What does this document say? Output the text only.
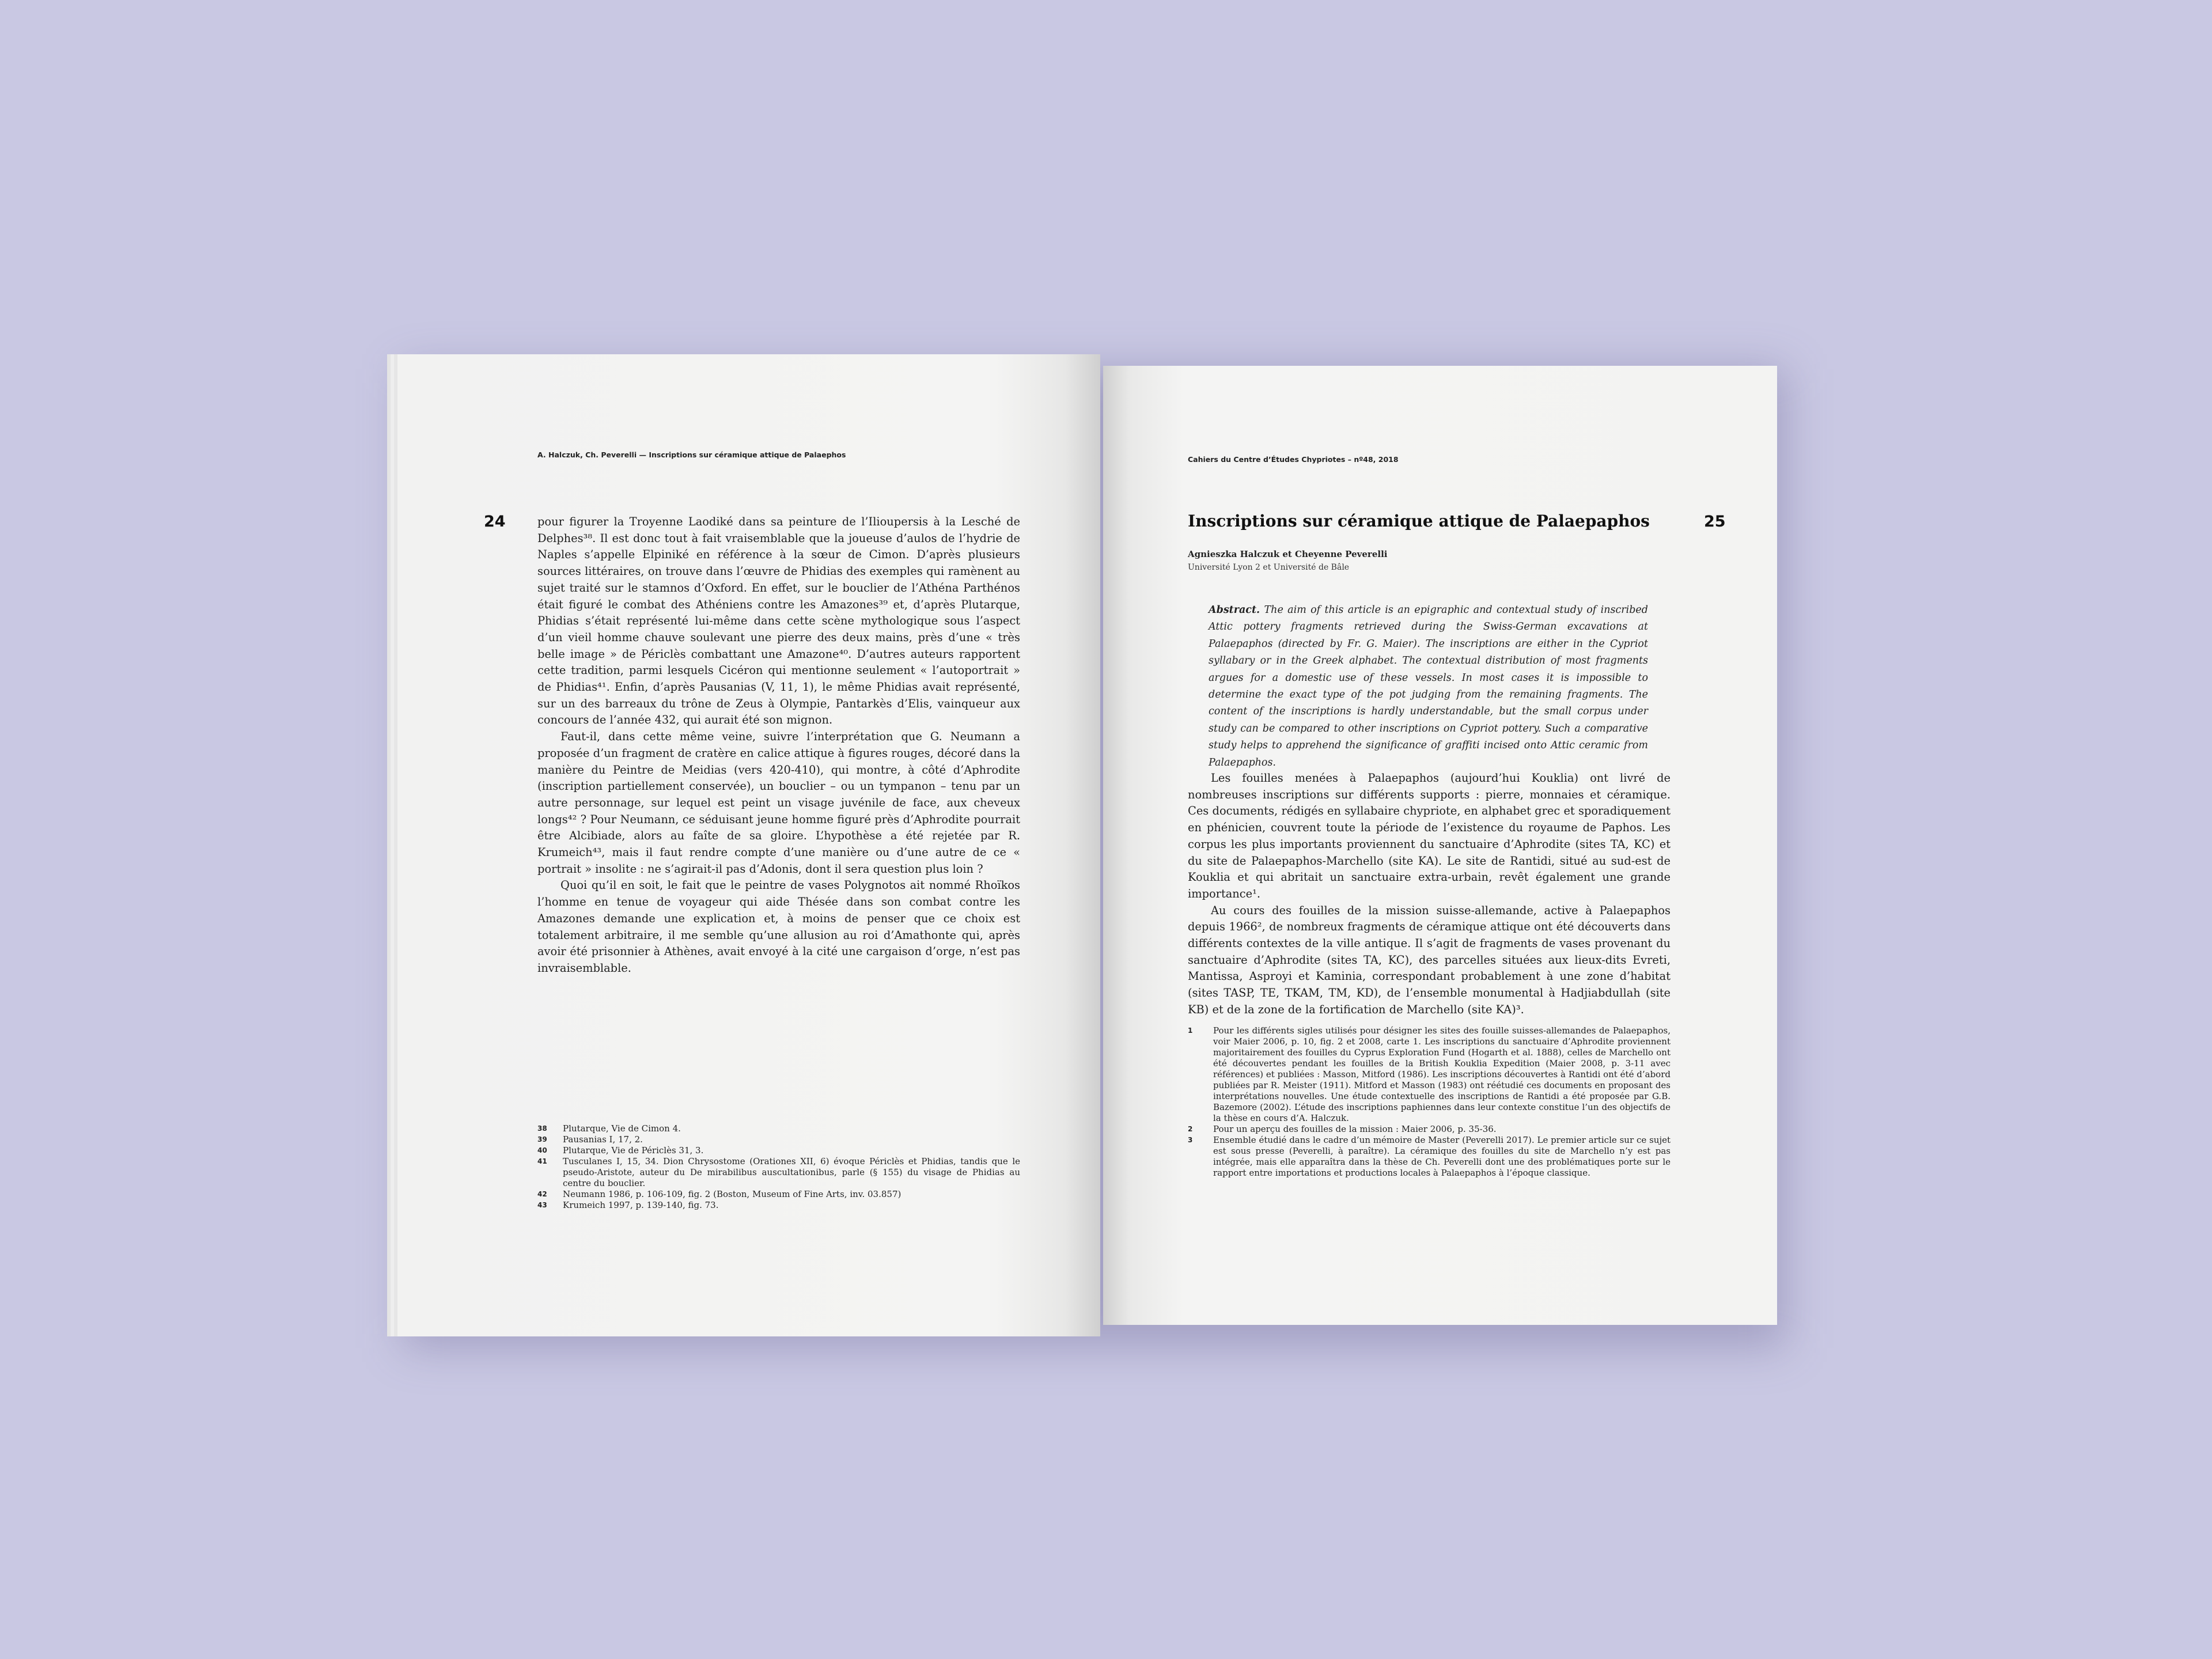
A. Halczuk, Ch. Peverelli — Inscriptions sur céramique attique de Palaephos
24	pour figurer la Troyenne Laodiké dans sa peinture de l’Ilioupersis à la Lesché de Delphes³⁸. Il est donc tout à fait vraisemblable que la joueuse d’aulos de l’hydrie de Naples s’appelle Elpiniké en référence à la sœur de Cimon. D’après plusieurs sources littéraires, on trouve dans l’œuvre de Phidias des exemples qui ramènent au sujet traité sur le stamnos d’Oxford. En effet, sur le bouclier de l’Athéna Parthénos était figuré le combat des Athéniens contre les Amazones³⁹ et, d’après Plutarque, Phidias s’était représenté lui-même dans cette scène mythologique sous l’aspect d’un vieil homme chauve soulevant une pierre des deux mains, près d’une « très belle image » de Périclès combattant une Amazone⁴⁰. D’autres auteurs rapportent cette tradition, parmi lesquels Cicéron qui mentionne seulement « l’autoportrait » de Phidias⁴¹. Enfin, d’après Pausanias (V, 11, 1), le même Phidias avait représenté, sur un des barreaux du trône de Zeus à Olympie, Pantarkès d’Elis, vainqueur aux concours de l’année 432, qui aurait été son mignon.

Faut-il, dans cette même veine, suivre l’interprétation que G. Neumann a proposée d’un fragment de cratère en calice attique à figures rouges, décoré dans la manière du Peintre de Meidias (vers 420-410), qui montre, à côté d’Aphrodite (inscription partiellement conservée), un bouclier – ou un tympanon – tenu par un autre personnage, sur lequel est peint un visage juvénile de face, aux cheveux longs⁴² ? Pour Neumann, ce séduisant jeune homme figuré près d’Aphrodite pourrait être Alcibiade, alors au faîte de sa gloire. L’hypothèse a été rejetée par R. Krumeich⁴³, mais il faut rendre compte d’une manière ou d’une autre de ce « portrait » insolite : ne s’agirait-il pas d’Adonis, dont il sera question plus loin ?

Quoi qu’il en soit, le fait que le peintre de vases Polygnotos ait nommé Rhoïkos l’homme en tenue de voyageur qui aide Thésée dans son combat contre les Amazones demande une explication et, à moins de penser que ce choix est totalement arbitraire, il me semble qu’une allusion au roi d’Amathonte qui, après avoir été prisonnier à Athènes, avait envoyé à la cité une cargaison d’orge, n’est pas invraisemblable.

38	Plutarque, Vie de Cimon 4.
39	Pausanias I, 17, 2.
40	Plutarque, Vie de Périclès 31, 3.
41	Tusculanes I, 15, 34. Dion Chrysostome (Orationes XII, 6) évoque Périclès et Phidias, tandis que le pseudo-Aristote, auteur du De mirabilibus auscultationibus, parle (§ 155) du visage de Phidias au centre du bouclier.
42	Neumann 1986, p. 106-109, fig. 2 (Boston, Museum of Fine Arts, inv. 03.857)
43	Krumeich 1997, p. 139-140, fig. 73.
Cahiers du Centre d’Études Chypriotes – nº48, 2018
25
Inscriptions sur céramique attique de Palaepaphos
Agnieszka Halczuk et Cheyenne Peverelli
Université Lyon 2 et Université de Bâle
Abstract. The aim of this article is an epigraphic and contextual study of inscribed Attic pottery fragments retrieved during the Swiss-German excavations at Palaepaphos (directed by Fr. G. Maier). The inscriptions are either in the Cypriot syllabary or in the Greek alphabet. The contextual distribution of most fragments argues for a domestic use of these vessels. In most cases it is impossible to determine the exact type of the pot judging from the remaining fragments. The content of the inscriptions is hardly understandable, but the small corpus under study can be compared to other inscriptions on Cypriot pottery. Such a comparative study helps to apprehend the significance of graffiti incised onto Attic ceramic from Palaepaphos.

Les fouilles menées à Palaepaphos (aujourd’hui Kouklia) ont livré de nombreuses inscriptions sur différents supports : pierre, monnaies et céramique. Ces documents, rédigés en syllabaire chypriote, en alphabet grec et sporadiquement en phénicien, couvrent toute la période de l’existence du royaume de Paphos. Les corpus les plus importants proviennent du sanctuaire d’Aphrodite (sites TA, KC) et du site de Palaepaphos-Marchello (site KA). Le site de Rantidi, situé au sud-est de Kouklia et qui abritait un sanctuaire extra-urbain, revêt également une grande importance¹.

Au cours des fouilles de la mission suisse-allemande, active à Palaepaphos depuis 1966², de nombreux fragments de céramique attique ont été découverts dans différents contextes de la ville antique. Il s’agit de fragments de vases provenant du sanctuaire d’Aphrodite (sites TA, KC), des parcelles situées aux lieux-dits Evreti, Mantissa, Asproyi et Kaminia, correspondant probablement à une zone d’habitat (sites TASP, TE, TKAM, TM, KD), de l’ensemble monumental à Hadjiabdullah (site KB) et de la zone de la fortification de Marchello (site KA)³.

1	Pour les différents sigles utilisés pour désigner les sites des fouille suisses-allemandes de Palaepaphos, voir Maier 2006, p. 10, fig. 2 et 2008, carte 1. Les inscriptions du sanctuaire d’Aphrodite proviennent majoritairement des fouilles du Cyprus Exploration Fund (Hogarth et al. 1888), celles de Marchello ont été découvertes pendant les fouilles de la British Kouklia Expedition (Maier 2008, p. 3-11 avec références) et publiées : Masson, Mitford (1986). Les inscriptions découvertes à Rantidi ont été d’abord publiées par R. Meister (1911). Mitford et Masson (1983) ont réétudié ces documents en proposant des interprétations nouvelles. Une étude contextuelle des inscriptions de Rantidi a été proposée par G.B. Bazemore (2002). L’étude des inscriptions paphiennes dans leur contexte constitue l’un des objectifs de la thèse en cours d’A. Halczuk.
2	Pour un aperçu des fouilles de la mission : Maier 2006, p. 35-36.
3	Ensemble étudié dans le cadre d’un mémoire de Master (Peverelli 2017). Le premier article sur ce sujet est sous presse (Peverelli, à paraître). La céramique des fouilles du site de Marchello n’y est pas intégrée, mais elle apparaîtra dans la thèse de Ch. Peverelli dont une des problématiques porte sur le rapport entre importations et productions locales à Palaepaphos à l’époque classique.
